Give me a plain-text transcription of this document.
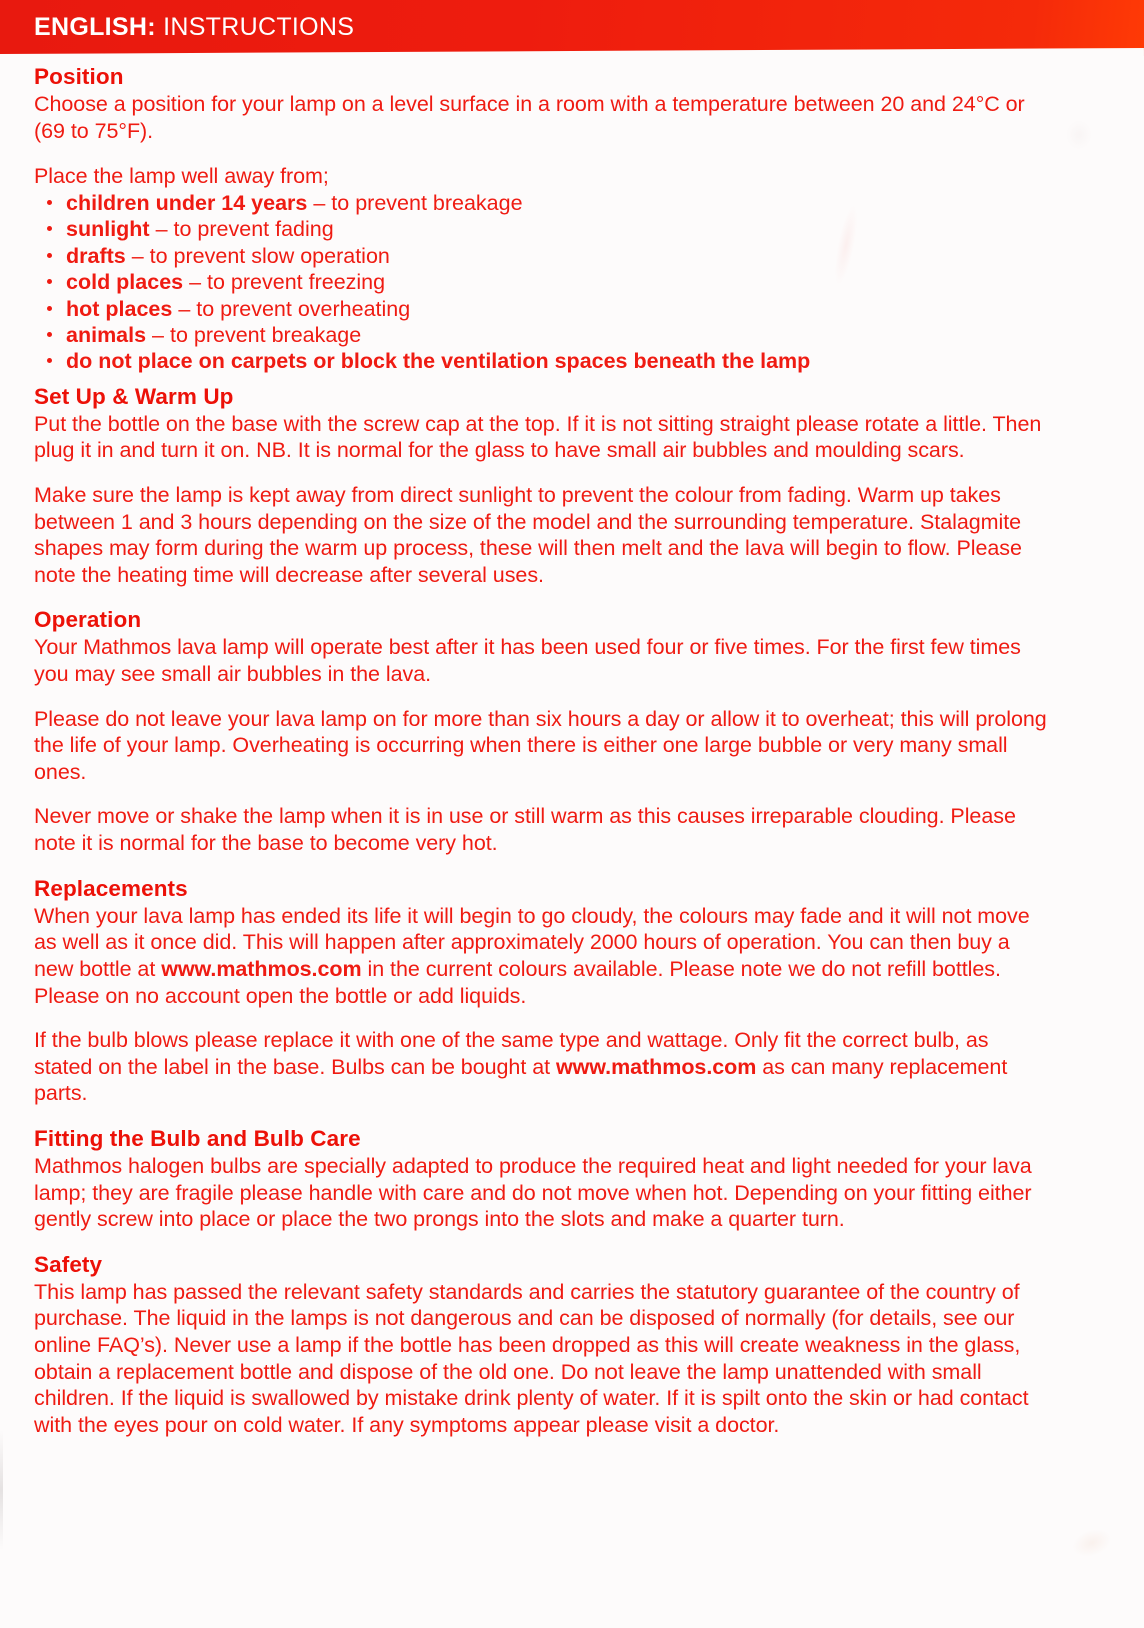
ENGLISH: INSTRUCTIONS
Position

Choose a position for your lamp on a level surface in a room with a temperature between 20 and 24°C or (69 to 75°F).

Place the lamp well away from;

children under 14 years – to prevent breakage
sunlight – to prevent fading
drafts – to prevent slow operation
cold places – to prevent freezing
hot places – to prevent overheating
animals – to prevent breakage
do not place on carpets or block the ventilation spaces beneath the lamp
Set Up & Warm Up

Put the bottle on the base with the screw cap at the top. If it is not sitting straight please rotate a little. Then plug it in and turn it on. NB. It is normal for the glass to have small air bubbles and moulding scars.

Make sure the lamp is kept away from direct sunlight to prevent the colour from fading. Warm up takes between 1 and 3 hours depending on the size of the model and the surrounding temperature. Stalagmite shapes may form during the warm up process, these will then melt and the lava will begin to flow. Please note the heating time will decrease after several uses.

Operation

Your Mathmos lava lamp will operate best after it has been used four or five times. For the first few times you may see small air bubbles in the lava.

Please do not leave your lava lamp on for more than six hours a day or allow it to overheat; this will prolong the life of your lamp. Overheating is occurring when there is either one large bubble or very many small ones.

Never move or shake the lamp when it is in use or still warm as this causes irreparable clouding. Please note it is normal for the base to become very hot.

Replacements

When your lava lamp has ended its life it will begin to go cloudy, the colours may fade and it will not move as well as it once did. This will happen after approximately 2000 hours of operation. You can then buy a new bottle at www.mathmos.com in the current colours available. Please note we do not refill bottles. Please on no account open the bottle or add liquids.

If the bulb blows please replace it with one of the same type and wattage. Only fit the correct bulb, as stated on the label in the base. Bulbs can be bought at www.mathmos.com as can many replacement parts.

Fitting the Bulb and Bulb Care

Mathmos halogen bulbs are specially adapted to produce the required heat and light needed for your lava lamp; they are fragile please handle with care and do not move when hot. Depending on your fitting either gently screw into place or place the two prongs into the slots and make a quarter turn.

Safety

This lamp has passed the relevant safety standards and carries the statutory guarantee of the country of purchase. The liquid in the lamps is not dangerous and can be disposed of normally (for details, see our online FAQ’s). Never use a lamp if the bottle has been dropped as this will create weakness in the glass, obtain a replacement bottle and dispose of the old one. Do not leave the lamp unattended with small children. If the liquid is swallowed by mistake drink plenty of water. If it is spilt onto the skin or had contact with the eyes pour on cold water. If any symptoms appear please visit a doctor.
